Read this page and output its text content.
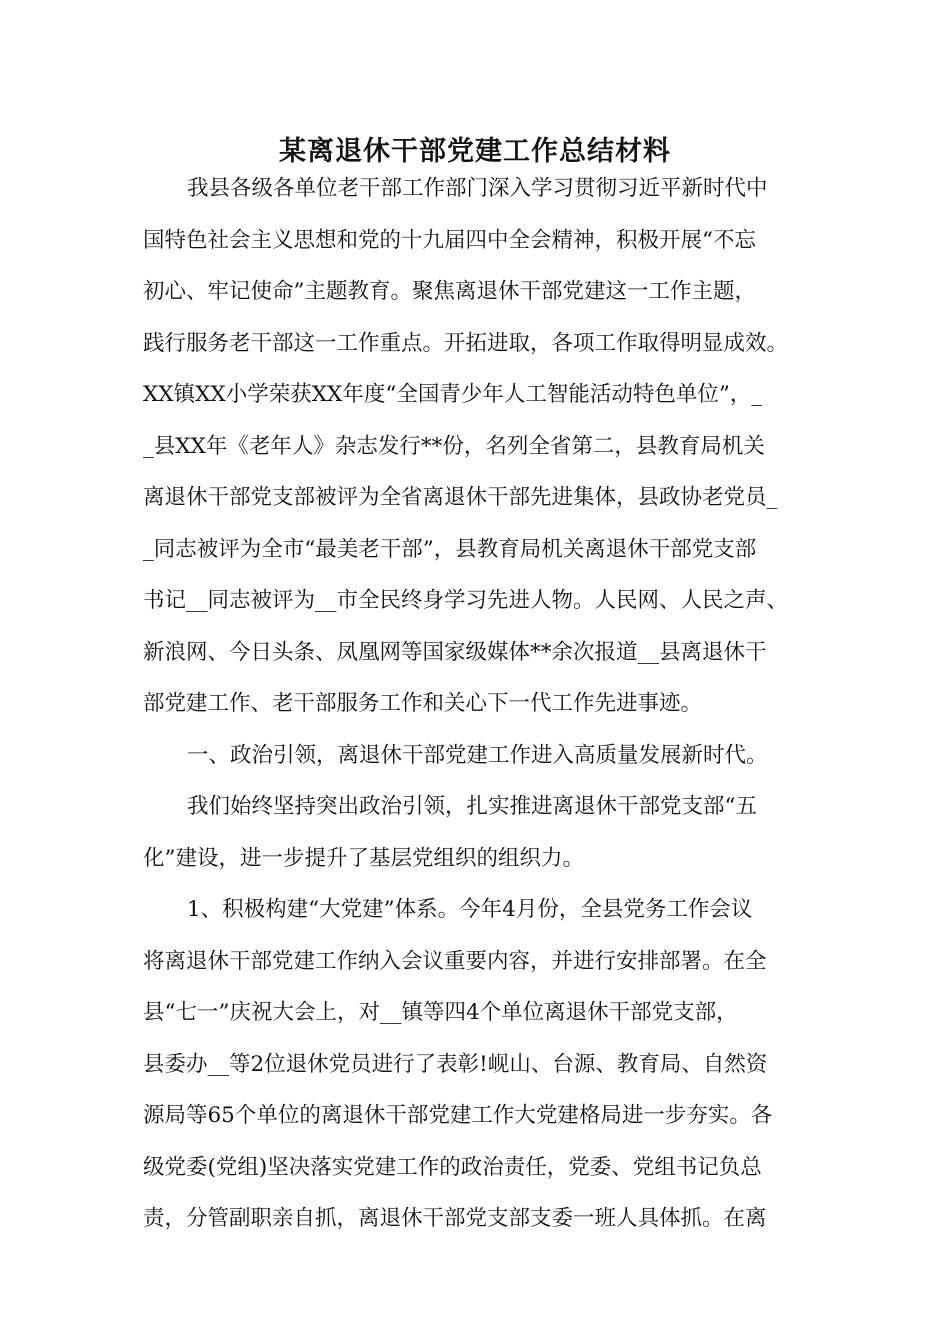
某离退休干部党建工作总结材料
我县各级各单位老干部工作部门深入学习贯彻习近平新时代中
国特色社会主义思想和党的十九届四中全会精神，积极开展“不忘
初心、牢记使命”主题教育。聚焦离退休干部党建这一工作主题，
践行服务老干部这一工作重点。开拓进取，各项工作取得明显成效。
XX镇XX小学荣获XX年度“全国青少年人工智能活动特色单位”，_
_县XX年《老年人》杂志发行**份，名列全省第二，县教育局机关
离退休干部党支部被评为全省离退休干部先进集体，县政协老党员_
_同志被评为全市“最美老干部”，县教育局机关离退休干部党支部
书记__同志被评为__市全民终身学习先进人物。人民网、人民之声、
新浪网、今日头条、凤凰网等国家级媒体**余次报道__县离退休干
部党建工作、老干部服务工作和关心下一代工作先进事迹。
一、政治引领，离退休干部党建工作进入高质量发展新时代。
我们始终坚持突出政治引领，扎实推进离退休干部党支部“五
化”建设，进一步提升了基层党组织的组织力。
1、积极构建“大党建”体系。今年4月份，全县党务工作会议
将离退休干部党建工作纳入会议重要内容，并进行安排部署。在全
县“七一”庆祝大会上，对__镇等四4个单位离退休干部党支部，
县委办__等2位退休党员进行了表彰!岘山、台源、教育局、自然资
源局等65个单位的离退休干部党建工作大党建格局进一步夯实。各
级党委(党组)坚决落实党建工作的政治责任，党委、党组书记负总
责，分管副职亲自抓，离退休干部党支部支委一班人具体抓。在离
